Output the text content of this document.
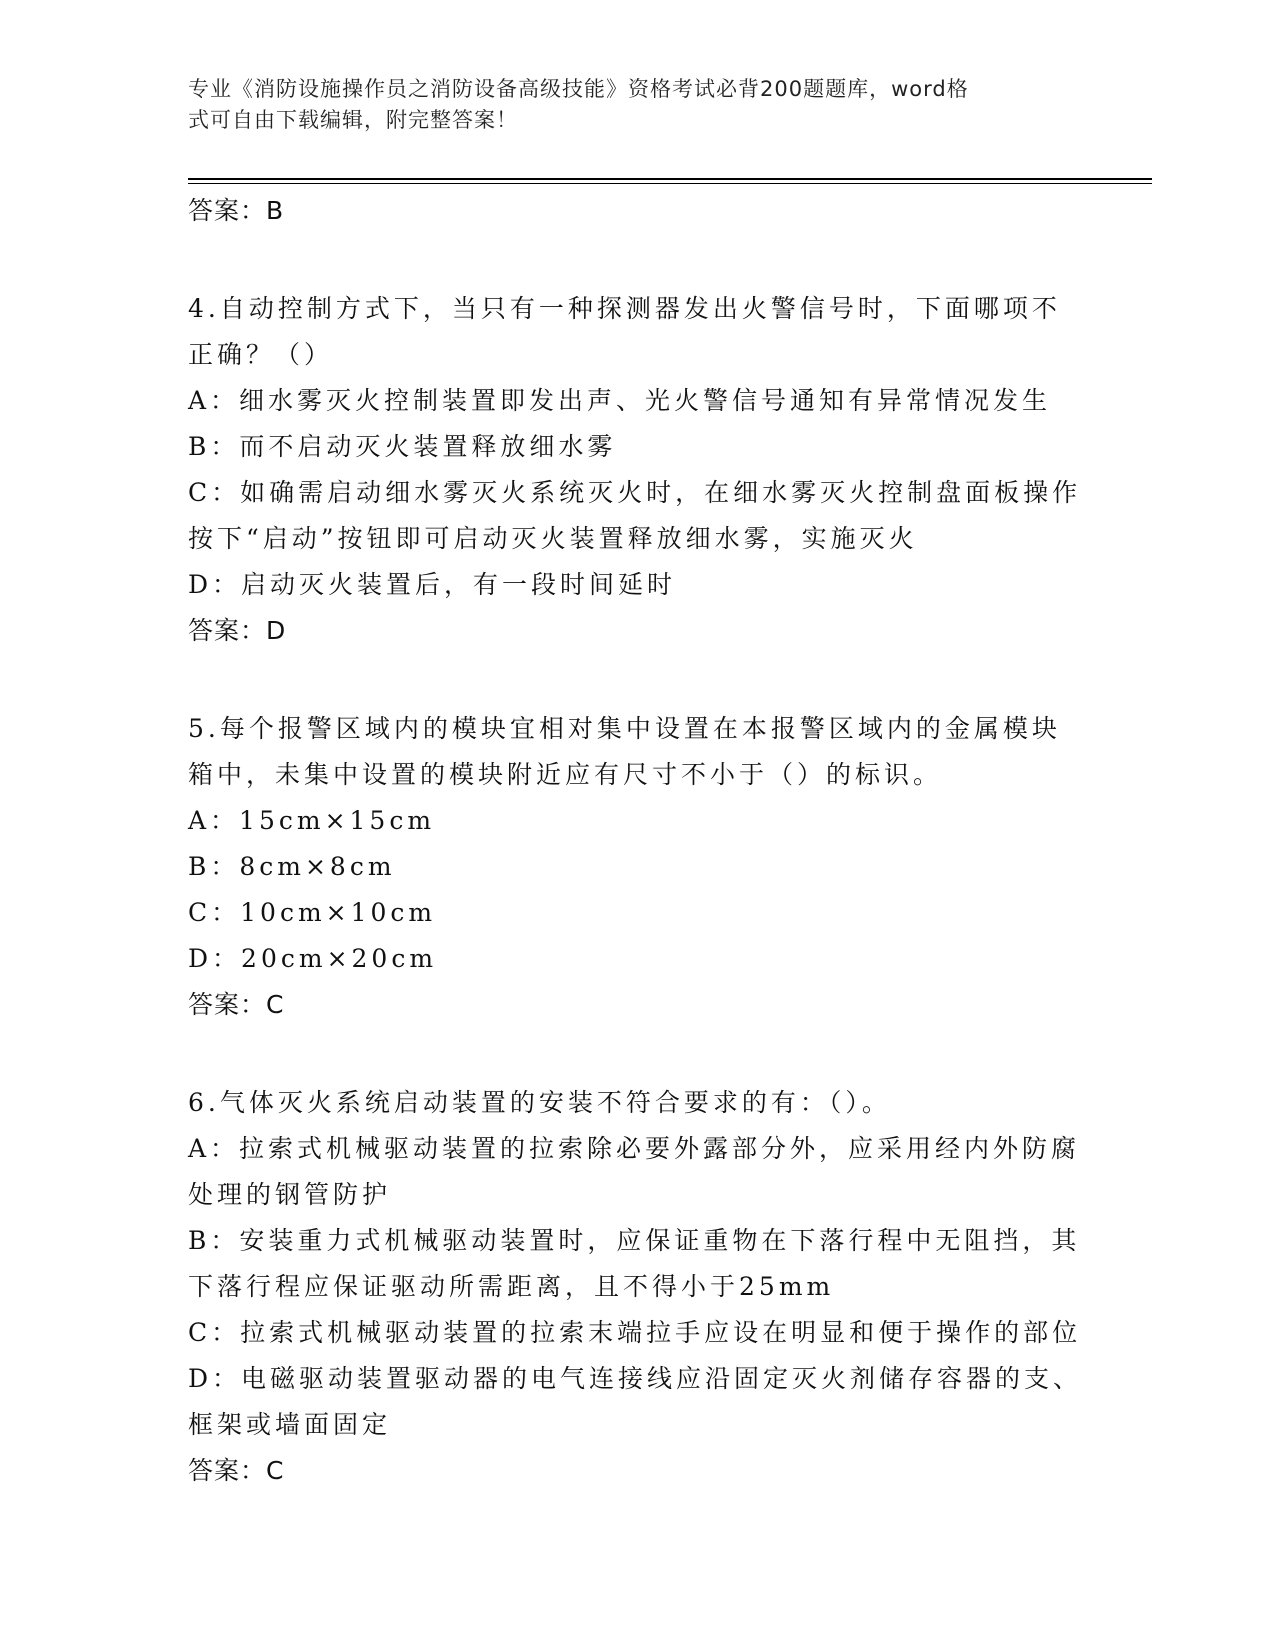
专业《消防设施操作员之消防设备高级技能》资格考试必背200题题库，word格
式可自由下载编辑，附完整答案！

答案：B

4.自动控制方式下，当只有一种探测器发出火警信号时，下面哪项不

正确？（）

A：细水雾灭火控制装置即发出声、光火警信号通知有异常情况发生

B：而不启动灭火装置释放细水雾

C：如确需启动细水雾灭火系统灭火时，在细水雾灭火控制盘面板操作

按下“启动”按钮即可启动灭火装置释放细水雾，实施灭火

D：启动灭火装置后，有一段时间延时

答案：D

5.每个报警区域内的模块宜相对集中设置在本报警区域内的金属模块

箱中，未集中设置的模块附近应有尺寸不小于（）的标识。

A：15cm×15cm

B：8cm×8cm

C：10cm×10cm

D：20cm×20cm

答案：C

6.气体灭火系统启动装置的安装不符合要求的有：（）。

A：拉索式机械驱动装置的拉索除必要外露部分外，应采用经内外防腐

处理的钢管防护

B：安装重力式机械驱动装置时，应保证重物在下落行程中无阻挡，其

下落行程应保证驱动所需距离，且不得小于25mm

C：拉索式机械驱动装置的拉索末端拉手应设在明显和便于操作的部位

D：电磁驱动装置驱动器的电气连接线应沿固定灭火剂储存容器的支、

框架或墙面固定

答案：C
